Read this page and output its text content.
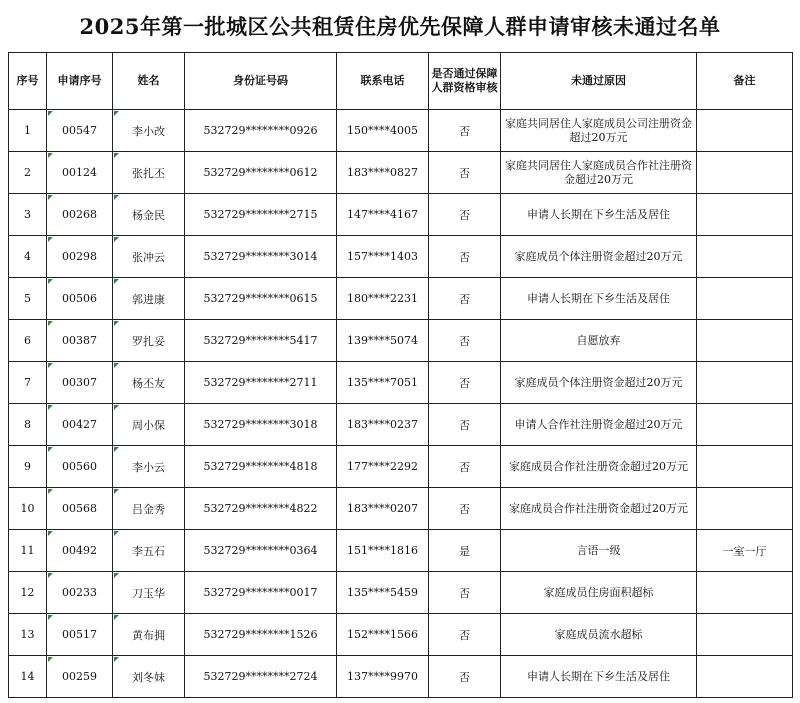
2025年第一批城区公共租赁住房优先保障人群申请审核未通过名单
序号	申请序号	姓名	身份证号码	联系电话	是否通过保障人群资格审核	未通过原因	备注
1	00547	李小改	532729********0926	150****4005	否	家庭共同居住人家庭成员公司注册资金超过20万元	
2	00124	张扎丕	532729********0612	183****0827	否	家庭共同居住人家庭成员合作社注册资金超过20万元	
3	00268	杨金民	532729********2715	147****4167	否	申请人长期在下乡生活及居住	
4	00298	张冲云	532729********3014	157****1403	否	家庭成员个体注册资金超过20万元	
5	00506	郭进康	532729********0615	180****2231	否	申请人长期在下乡生活及居住	
6	00387	罗扎妥	532729********5417	139****5074	否	自愿放弃	
7	00307	杨丕友	532729********2711	135****7051	否	家庭成员个体注册资金超过20万元	
8	00427	周小保	532729********3018	183****0237	否	申请人合作社注册资金超过20万元	
9	00560	李小云	532729********4818	177****2292	否	家庭成员合作社注册资金超过20万元	
10	00568	吕金秀	532729********4822	183****0207	否	家庭成员合作社注册资金超过20万元	
11	00492	李五石	532729********0364	151****1816	是	言语一级	一室一厅
12	00233	刀玉华	532729********0017	135****5459	否	家庭成员住房面积超标	
13	00517	黄布拥	532729********1526	152****1566	否	家庭成员流水超标	
14	00259	刘冬妹	532729********2724	137****9970	否	申请人长期在下乡生活及居住	
